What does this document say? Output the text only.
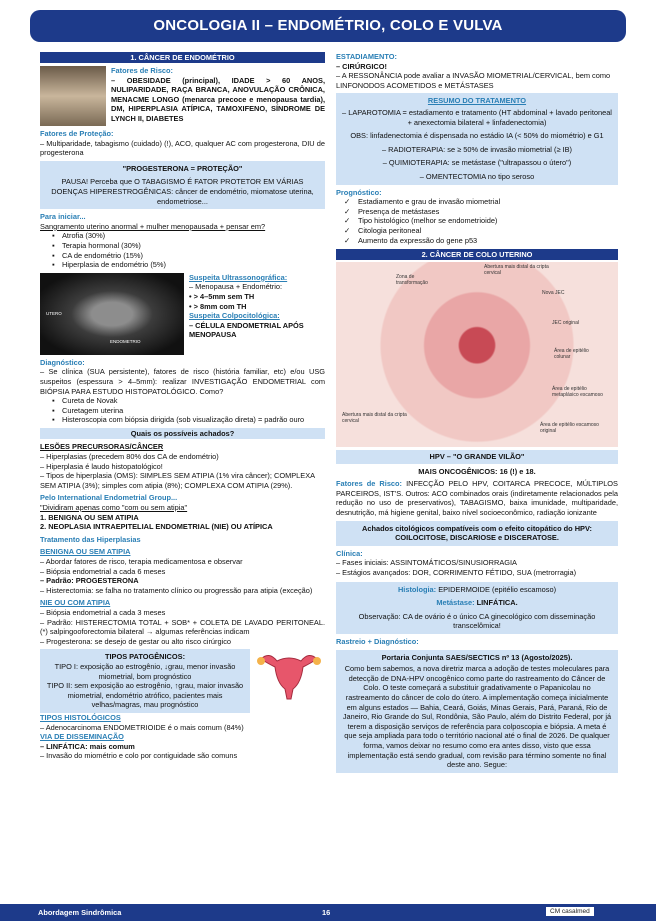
ONCOLOGIA II – ENDOMÉTRIO, COLO E VULVA
1. CÂNCER DE ENDOMÉTRIO
Fatores de Risco:
– OBESIDADE (principal), IDADE > 60 ANOS, NULIPARIDADE, RAÇA BRANCA, ANOVULAÇÃO CRÔNICA, MENACME LONGO (menarca precoce e menopausa tardia), DM, HIPERPLASIA ATÍPICA, TAMOXIFENO, SÍNDROME DE LYNCH II, DIABETES
Fatores de Proteção:
– Multiparidade, tabagismo (cuidado) (!), ACO, qualquer AC com progesterona, DIU de progesterona
"PROGESTERONA = PROTEÇÃO"
PAUSA! Perceba que O TABAGISMO É FATOR PROTETOR EM VÁRIAS DOENÇAS HIPERESTROGÊNICAS: câncer de endométrio, miomatose uterina, endometriose...
Para iniciar...
Sangramento uterino anormal + mulher menopausada + pensar em?
▪ Atrofia (30%)
▪ Terapia hormonal (30%)
▪ CA de endométrio (15%)
▪ Hiperplasia de endométrio (5%)
UTERO
ENDOMETRIO
Suspeita Ultrassonográfica:
– Menopausa + Endométrio:
• > 4–5mm sem TH
• > 8mm com TH
Suspeita Colpocitológica:
– CÉLULA ENDOMETRIAL APÓS MENOPAUSA
Diagnóstico:
– Se clínica (SUA persistente), fatores de risco (história familiar, etc) e/ou USG suspeitos (espessura > 4–5mm): realizar INVESTIGAÇÃO ENDOMETRIAL com BIÓPSIA PARA ESTUDO HISTOPATOLÓGICO. Como?
▪ Cureta de Novak
▪ Curetagem uterina
▪ Histeroscopia com biópsia dirigida (sob visualização direta) = padrão ouro
Quais os possíveis achados?
LESÕES PRECURSORAS/CÂNCER
– Hiperplasias (precedem 80% dos CA de endométrio)
– Hiperplasia é laudo histopatológico!
– Tipos de hiperplasia (OMS): SIMPLES SEM ATIPIA (1% vira câncer); COMPLEXA SEM ATIPIA (3%); simples com atipia (8%); COMPLEXA COM ATIPIA (29%).
Pelo International Endometrial Group...
"Dividiram apenas como "com ou sem atipia"
1. BENIGNA OU SEM ATIPIA
2. NEOPLASIA INTRAEPITELIAL ENDOMETRIAL (NIE) OU ATÍPICA
Tratamento das Hiperplasias
BENIGNA OU SEM ATIPIA
– Abordar fatores de risco, terapia medicamentosa e observar
– Biópsia endometrial a cada 6 meses
– Padrão: PROGESTERONA
– Histerectomia: se falha no tratamento clínico ou progressão para atipia (exceção)
NIE OU COM ATIPIA
– Biópsia endometrial a cada 3 meses
– Padrão: HISTERECTOMIA TOTAL + SOB* + COLETA DE LAVADO PERITONEAL. (*) salpingooforectomia bilateral → algumas referências indicam
– Progesterona: se desejo de gestar ou alto risco cirúrgico
TIPOS PATOGÊNICOS:
TIPO I: exposição ao estrogênio, ↓grau, menor invasão miometrial, bom prognóstico
TIPO II: sem exposição ao estrogênio, ↑grau, maior invasão miometrial, endométrio atrófico, pacientes mais velhas/magras, mau prognóstico
TIPOS HISTOLÓGICOS
– Adenocarcinoma ENDOMETRIOIDE é o mais comum (84%)
VIA DE DISSEMINAÇÃO
– LINFÁTICA: mais comum
– Invasão do miométrio e colo por contiguidade são comuns
ESTADIAMENTO:
– CIRÚRGICO!
– A RESSONÂNCIA pode avaliar a INVASÃO MIOMETRIAL/CERVICAL, bem como LINFONODOS ACOMETIDOS e METÁSTASES
RESUMO DO TRATAMENTO
– LAPAROTOMIA = estadiamento e tratamento (HT abdominal + lavado peritoneal + anexectomia bilateral + linfadenectomia)
OBS: linfadenectomia é dispensada no estádio IA (< 50% do miométrio) e G1
– RADIOTERAPIA: se ≥ 50% de invasão miometrial (≥ IB)
– QUIMIOTERAPIA: se metástase ("ultrapassou o útero")
– OMENTECTOMIA no tipo seroso
Prognóstico:
✓ Estadiamento e grau de invasão miometrial
✓ Presença de metástases
✓ Tipo histológico (melhor se endometrioide)
✓ Citologia peritoneal
✓ Aumento da expressão do gene p53
2. CÂNCER DE COLO UTERINO
Zona de transformação
Abertura mais distal da cripta cervical
Nova JEC
JEC original
Área de epitélio colunar
Área de epitélio metaplásico escamoso
Abertura mais distal da cripta cervical
Área de epitélio escamoso original
HPV – "O GRANDE VILÃO"
MAIS ONCOGÊNICOS: 16 (!) e 18.
Fatores de Risco: INFECÇÃO PELO HPV, COITARCA PRECOCE, MÚLTIPLOS PARCEIROS, IST'S. Outros: ACO combinados orais (indiretamente relacionados pela redução no uso de preservativos), TABAGISMO, baixa imunidade, multiparidade, desnutrição, má higiene genital, baixo nível socioeconômico, radiação ionizante
Achados citológicos compatíveis com o efeito citopático do HPV: COILOCITOSE, DISCARIOSE e DISCERATOSE.
Clínica:
– Fases iniciais: ASSINTOMÁTICOS/SINUSIORRAGIA
– Estágios avançados: DOR, CORRIMENTO FÉTIDO, SUA (metrorragia)
Histologia: EPIDERMOIDE (epitélio escamoso)
Metástase: LINFÁTICA.
Observação: CA de ovário é o único CA ginecológico com disseminação transcelômica!
Rastreio + Diagnóstico:
Portaria Conjunta SAES/SECTICS nº 13 (Agosto/2025).
Como bem sabemos, a nova diretriz marca a adoção de testes moleculares para detecção de DNA-HPV oncogênico como parte do rastreamento do Câncer de Colo. O teste começará a substituir gradativamente o Papanicolau no rastreamento do câncer de colo do útero. A implementação começa inicialmente em alguns estados — Bahia, Ceará, Goiás, Minas Gerais, Pará, Paraná, Rio de Janeiro, Rio Grande do Sul, Rondônia, São Paulo, além do Distrito Federal, por já terem a disposição serviços de referência para colposcopia e biópsia. A meta é que seja ampliada para todo o território nacional até o final de 2026. De qualquer forma, vamos deixar no resumo como era antes disso, visto que essa implementação está sendo gradual, com revisão para término somente no final deste ano. Segue:
Abordagem Sindrômica	16	CM casalmed
